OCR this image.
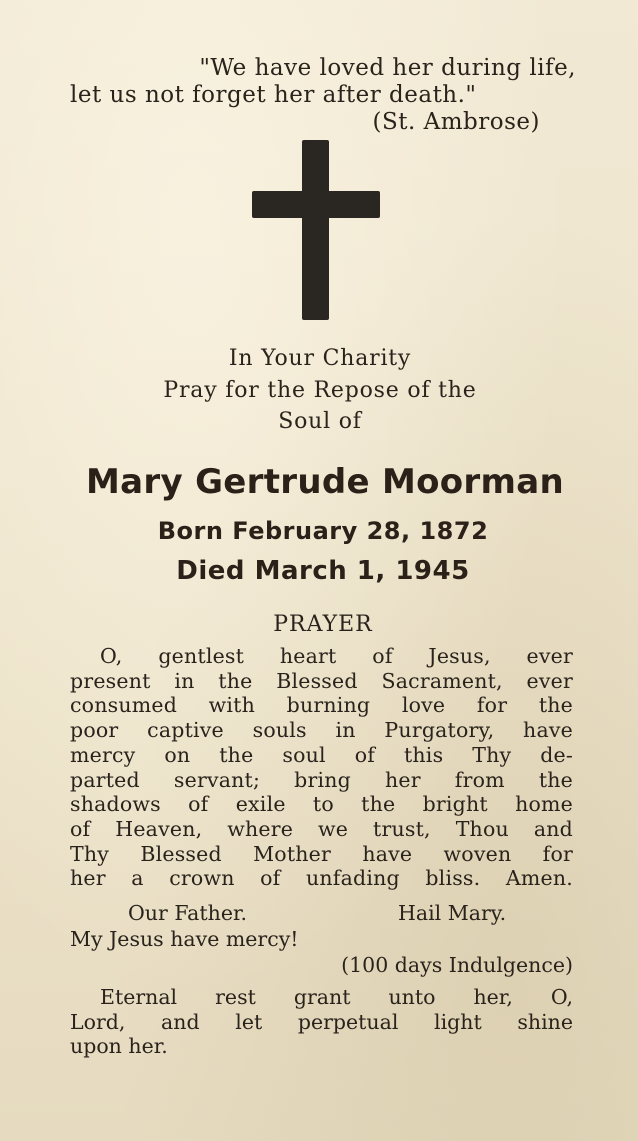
"We have loved her during life,
let us not forget her after death."
(St. Ambrose)
In Your Charity
Pray for the Repose of the
Soul of
Mary Gertrude Moorman
Born February 28, 1872
Died March 1, 1945
PRAYER
O, gentlest heart of Jesus, ever
present in the Blessed Sacrament, ever
consumed with burning love for the
poor captive souls in Purgatory, have
mercy on the soul of this Thy de-
parted servant; bring her from the
shadows of exile to the bright home
of Heaven, where we trust, Thou and
Thy Blessed Mother have woven for
her a crown of unfading bliss. Amen.
Our Father.	Hail Mary.
My Jesus have mercy!
(100 days Indulgence)
Eternal rest grant unto her, O,
Lord, and let perpetual light shine
upon her.
